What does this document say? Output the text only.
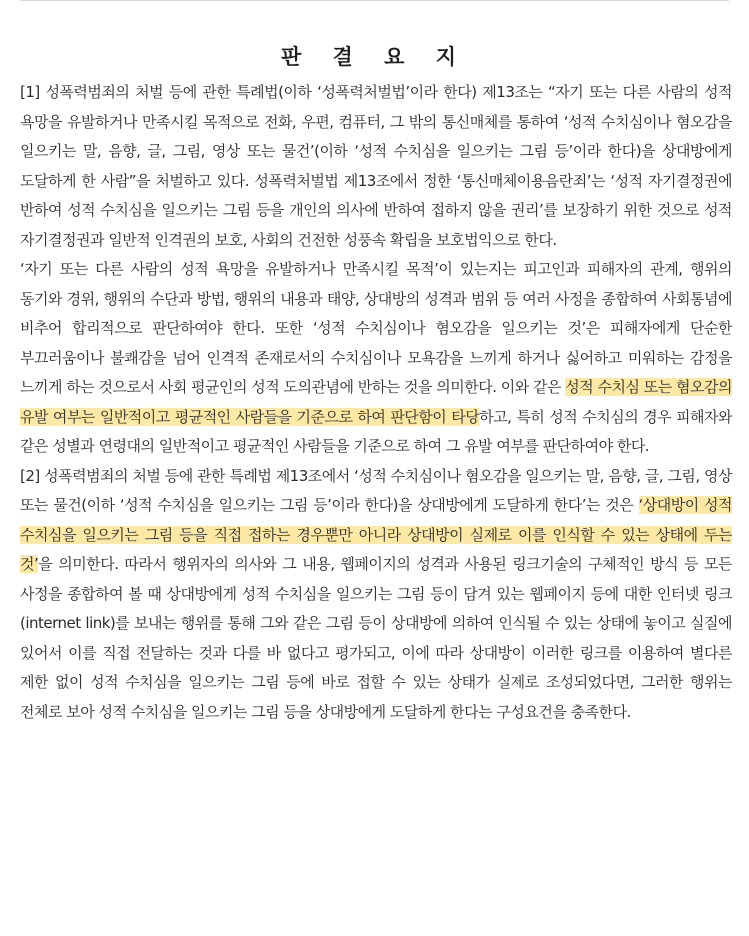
판 결 요 지

[1] 성폭력범죄의 처벌 등에 관한 특례법(이하 ‘성폭력처벌법’이라 한다) 제13조는 “자기 또는 다른 사람의 성적 욕망을 유발하거나 만족시킬 목적으로 전화, 우편, 컴퓨터, 그 밖의 통신매체를 통하여 ‘성적 수치심이나 혐오감을 일으키는 말, 음향, 글, 그림, 영상 또는 물건’(이하 ‘성적 수치심을 일으키는 그림 등’이라 한다)을 상대방에게 도달하게 한 사람”을 처벌하고 있다. 성폭력처벌법 제13조에서 정한 ‘통신매체이용음란죄’는 ‘성적 자기결정권에 반하여 성적 수치심을 일으키는 그림 등을 개인의 의사에 반하여 접하지 않을 권리’를 보장하기 위한 것으로 성적 자기결정권과 일반적 인격권의 보호, 사회의 건전한 성풍속 확립을 보호법익으로 한다.

‘자기 또는 다른 사람의 성적 욕망을 유발하거나 만족시킬 목적’이 있는지는 피고인과 피해자의 관계, 행위의 동기와 경위, 행위의 수단과 방법, 행위의 내용과 태양, 상대방의 성격과 범위 등 여러 사정을 종합하여 사회통념에 비추어 합리적으로 판단하여야 한다. 또한 ‘성적 수치심이나 혐오감을 일으키는 것’은 피해자에게 단순한 부끄러움이나 불쾌감을 넘어 인격적 존재로서의 수치심이나 모욕감을 느끼게 하거나 싫어하고 미워하는 감정을 느끼게 하는 것으로서 사회 평균인의 성적 도의관념에 반하는 것을 의미한다. 이와 같은 성적 수치심 또는 혐오감의 유발 여부는 일반적이고 평균적인 사람들을 기준으로 하여 판단함이 타당하고, 특히 성적 수치심의 경우 피해자와 같은 성별과 연령대의 일반적이고 평균적인 사람들을 기준으로 하여 그 유발 여부를 판단하여야 한다.

[2] 성폭력범죄의 처벌 등에 관한 특례법 제13조에서 ‘성적 수치심이나 혐오감을 일으키는 말, 음향, 글, 그림, 영상 또는 물건(이하 ‘성적 수치심을 일으키는 그림 등’이라 한다)을 상대방에게 도달하게 한다’는 것은 ‘상대방이 성적 수치심을 일으키는 그림 등을 직접 접하는 경우뿐만 아니라 상대방이 실제로 이를 인식할 수 있는 상태에 두는 것’을 의미한다. 따라서 행위자의 의사와 그 내용, 웹페이지의 성격과 사용된 링크기술의 구체적인 방식 등 모든 사정을 종합하여 볼 때 상대방에게 성적 수치심을 일으키는 그림 등이 담겨 있는 웹페이지 등에 대한 인터넷 링크(internet link)를 보내는 행위를 통해 그와 같은 그림 등이 상대방에 의하여 인식될 수 있는 상태에 놓이고 실질에 있어서 이를 직접 전달하는 것과 다를 바 없다고 평가되고, 이에 따라 상대방이 이러한 링크를 이용하여 별다른 제한 없이 성적 수치심을 일으키는 그림 등에 바로 접할 수 있는 상태가 실제로 조성되었다면, 그러한 행위는 전체로 보아 성적 수치심을 일으키는 그림 등을 상대방에게 도달하게 한다는 구성요건을 충족한다.
